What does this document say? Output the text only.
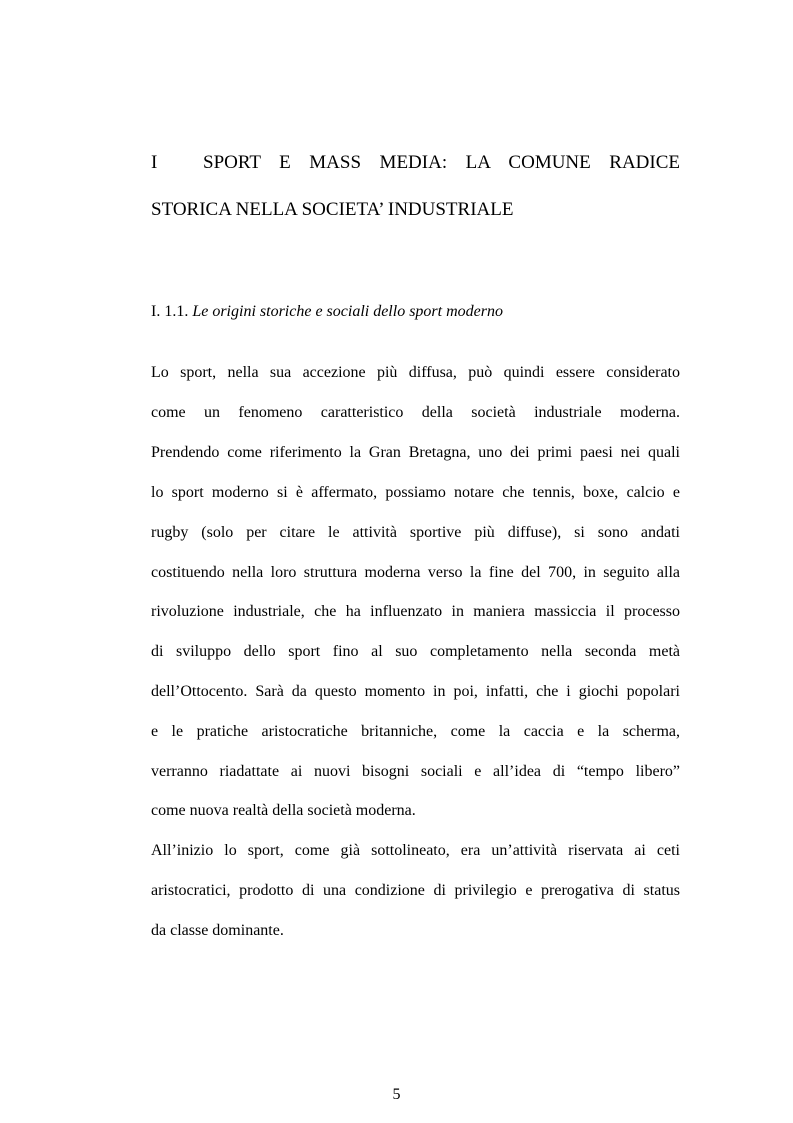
I	SPORT E MASS MEDIA: LA COMUNE RADICE
STORICA NELLA SOCIETA’ INDUSTRIALE
I. 1.1. Le origini storiche e sociali dello sport moderno
Lo sport, nella sua accezione più diffusa, può quindi essere considerato
come un fenomeno caratteristico della società industriale moderna.
Prendendo come riferimento la Gran Bretagna, uno dei primi paesi nei quali
lo sport moderno si è affermato, possiamo notare che tennis, boxe, calcio e
rugby (solo per citare le attività sportive più diffuse), si sono andati
costituendo nella loro struttura moderna verso la fine del 700, in seguito alla
rivoluzione industriale, che ha influenzato in maniera massiccia il processo
di sviluppo dello sport fino al suo completamento nella seconda metà
dell’Ottocento. Sarà da questo momento in poi, infatti, che i giochi popolari
e le pratiche aristocratiche britanniche, come la caccia e la scherma,
verranno riadattate ai nuovi bisogni sociali e all’idea di “tempo libero”
come nuova realtà della società moderna.
All’inizio lo sport, come già sottolineato, era un’attività riservata ai ceti
aristocratici, prodotto di una condizione di privilegio e prerogativa di status
da classe dominante.
5
